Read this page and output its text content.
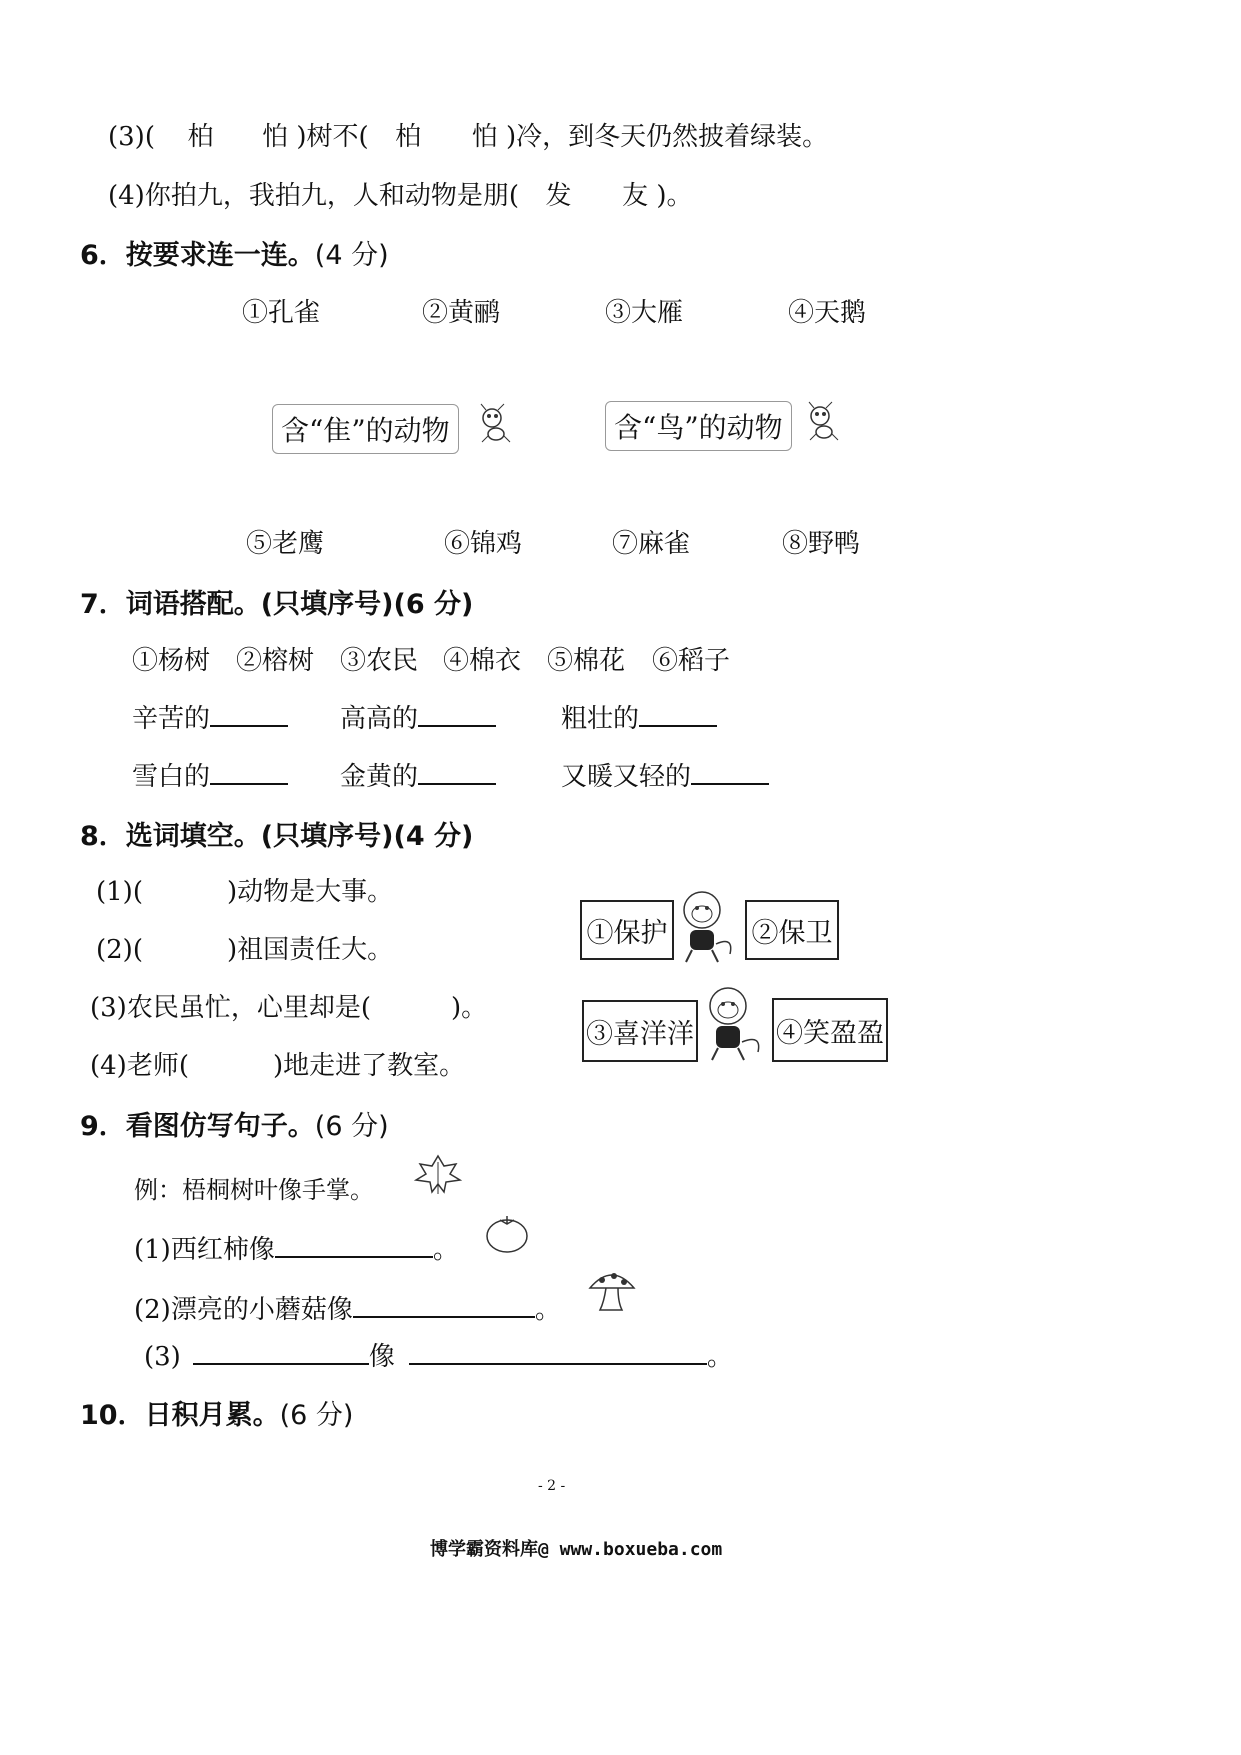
(3)( 柏 怕 )树不( 柏 怕 )冷，到冬天仍然披着绿装。
(4)你拍九，我拍九，人和动物是朋( 发 友 )。
6．按要求连一连。(4 分)
①孔雀	②黄鹂	③大雁	④天鹅
含“隹”的动物	含“鸟”的动物
⑤老鹰	⑥锦鸡	⑦麻雀	⑧野鸭
7．词语搭配。(只填序号)(6 分)
①杨树 ②榕树 ③农民 ④棉衣 ⑤棉花 ⑥稻子
辛苦的	高高的	粗壮的
雪白的	金黄的	又暖又轻的
8．选词填空。(只填序号)(4 分)
(1)(	)动物是大事。
(2)(	)祖国责任大。
(3)农民虽忙，心里却是(	)。
(4)老师(	)地走进了教室。
①保护	②保卫
③喜洋洋	④笑盈盈
9．看图仿写句子。(6 分)
例：梧桐树叶像手掌。
(1)西红柿像	。
(2)漂亮的小蘑菇像	。
(3)	像	。
10．日积月累。(6 分)
- 2 -
博学霸资料库@ www.boxueba.com
